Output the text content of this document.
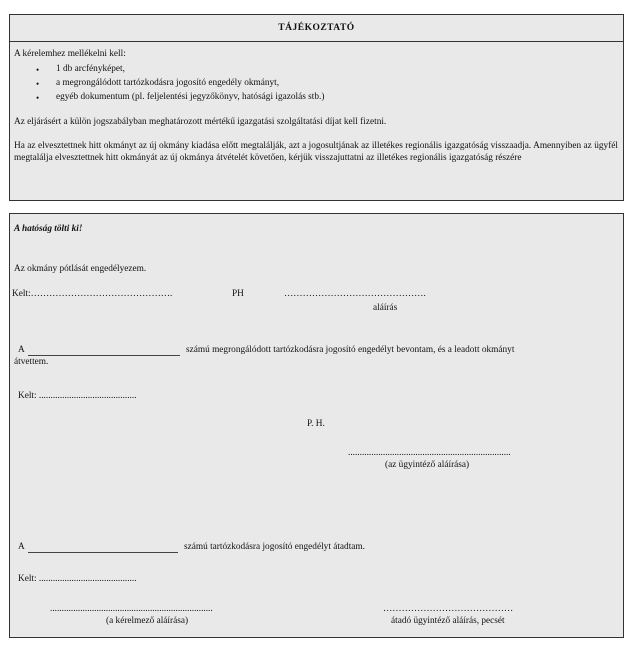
TÁJÉKOZTATÓ
A kérelemhez mellékelni kell:
• 1 db arcfényképet,
• a megrongálódott tartózkodásra jogosító engedély okmányt,
• egyéb dokumentum (pl. feljelentési jegyzőkönyv, hatósági igazolás stb.)
Az eljárásért a külön jogszabályban meghatározott mértékű igazgatási szolgáltatási díjat kell fizetni.
Ha az elvesztettnek hitt okmányt az új okmány kiadása előtt megtalálják, azt a jogosultjának az illetékes regionális igazgatóság visszaadja. Amennyiben az ügyfél megtalálja elvesztettnek hitt okmányát az új okmánya átvételét követően, kérjük visszajuttatni az illetékes regionális igazgatóság részére
A hatóság tölti ki!
Az okmány pótlását engedélyezem.
Kelt:……………………………………….	PH	……………………………………….
aláírás
A	számú megrongálódott tartózkodásra jogosító engedélyt bevontam, és a leadott okmányt
átvettem.
Kelt: ..........................................
P. H.
......................................................................
(az ügyintéző aláírása)
A	számú tartózkodásra jogosító engedélyt átadtam.
Kelt: ..........................................
......................................................................
(a kérelmező aláírása)
……………………………………
átadó ügyintéző aláírás, pecsét
